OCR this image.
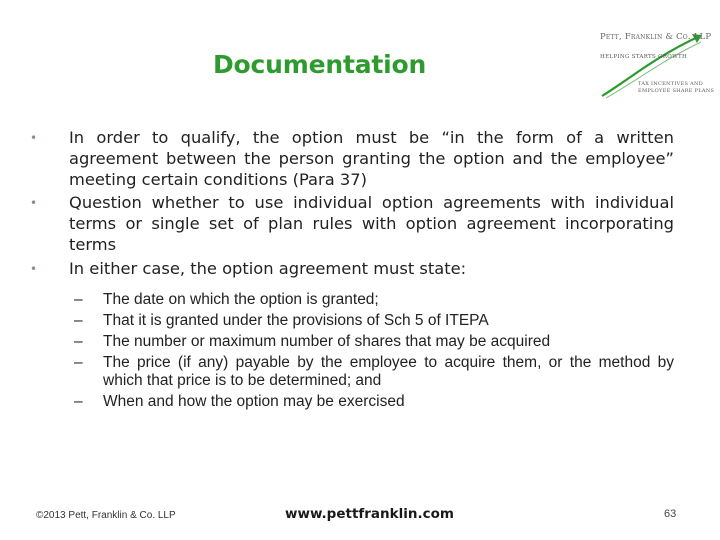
Documentation
Pett, Franklin & Co. LLP
HELPING STARTS GROWTH
TAX INCENTIVES AND
EMPLOYEE SHARE PLANS
• In order to qualify, the option must be “in the form of a written agreement between the person granting the option and the employee” meeting certain conditions (Para 37)
• Question whether to use individual option agreements with individual terms or single set of plan rules with option agreement incorporating terms
• In either case, the option agreement must state:
– The date on which the option is granted;
– That it is granted under the provisions of Sch 5 of ITEPA
– The number or maximum number of shares that may be acquired
– The price (if any) payable by the employee to acquire them, or the method by which that price is to be determined; and
– When and how the option may be exercised
©2013 Pett, Franklin & Co. LLP	www.pettfranklin.com	63
